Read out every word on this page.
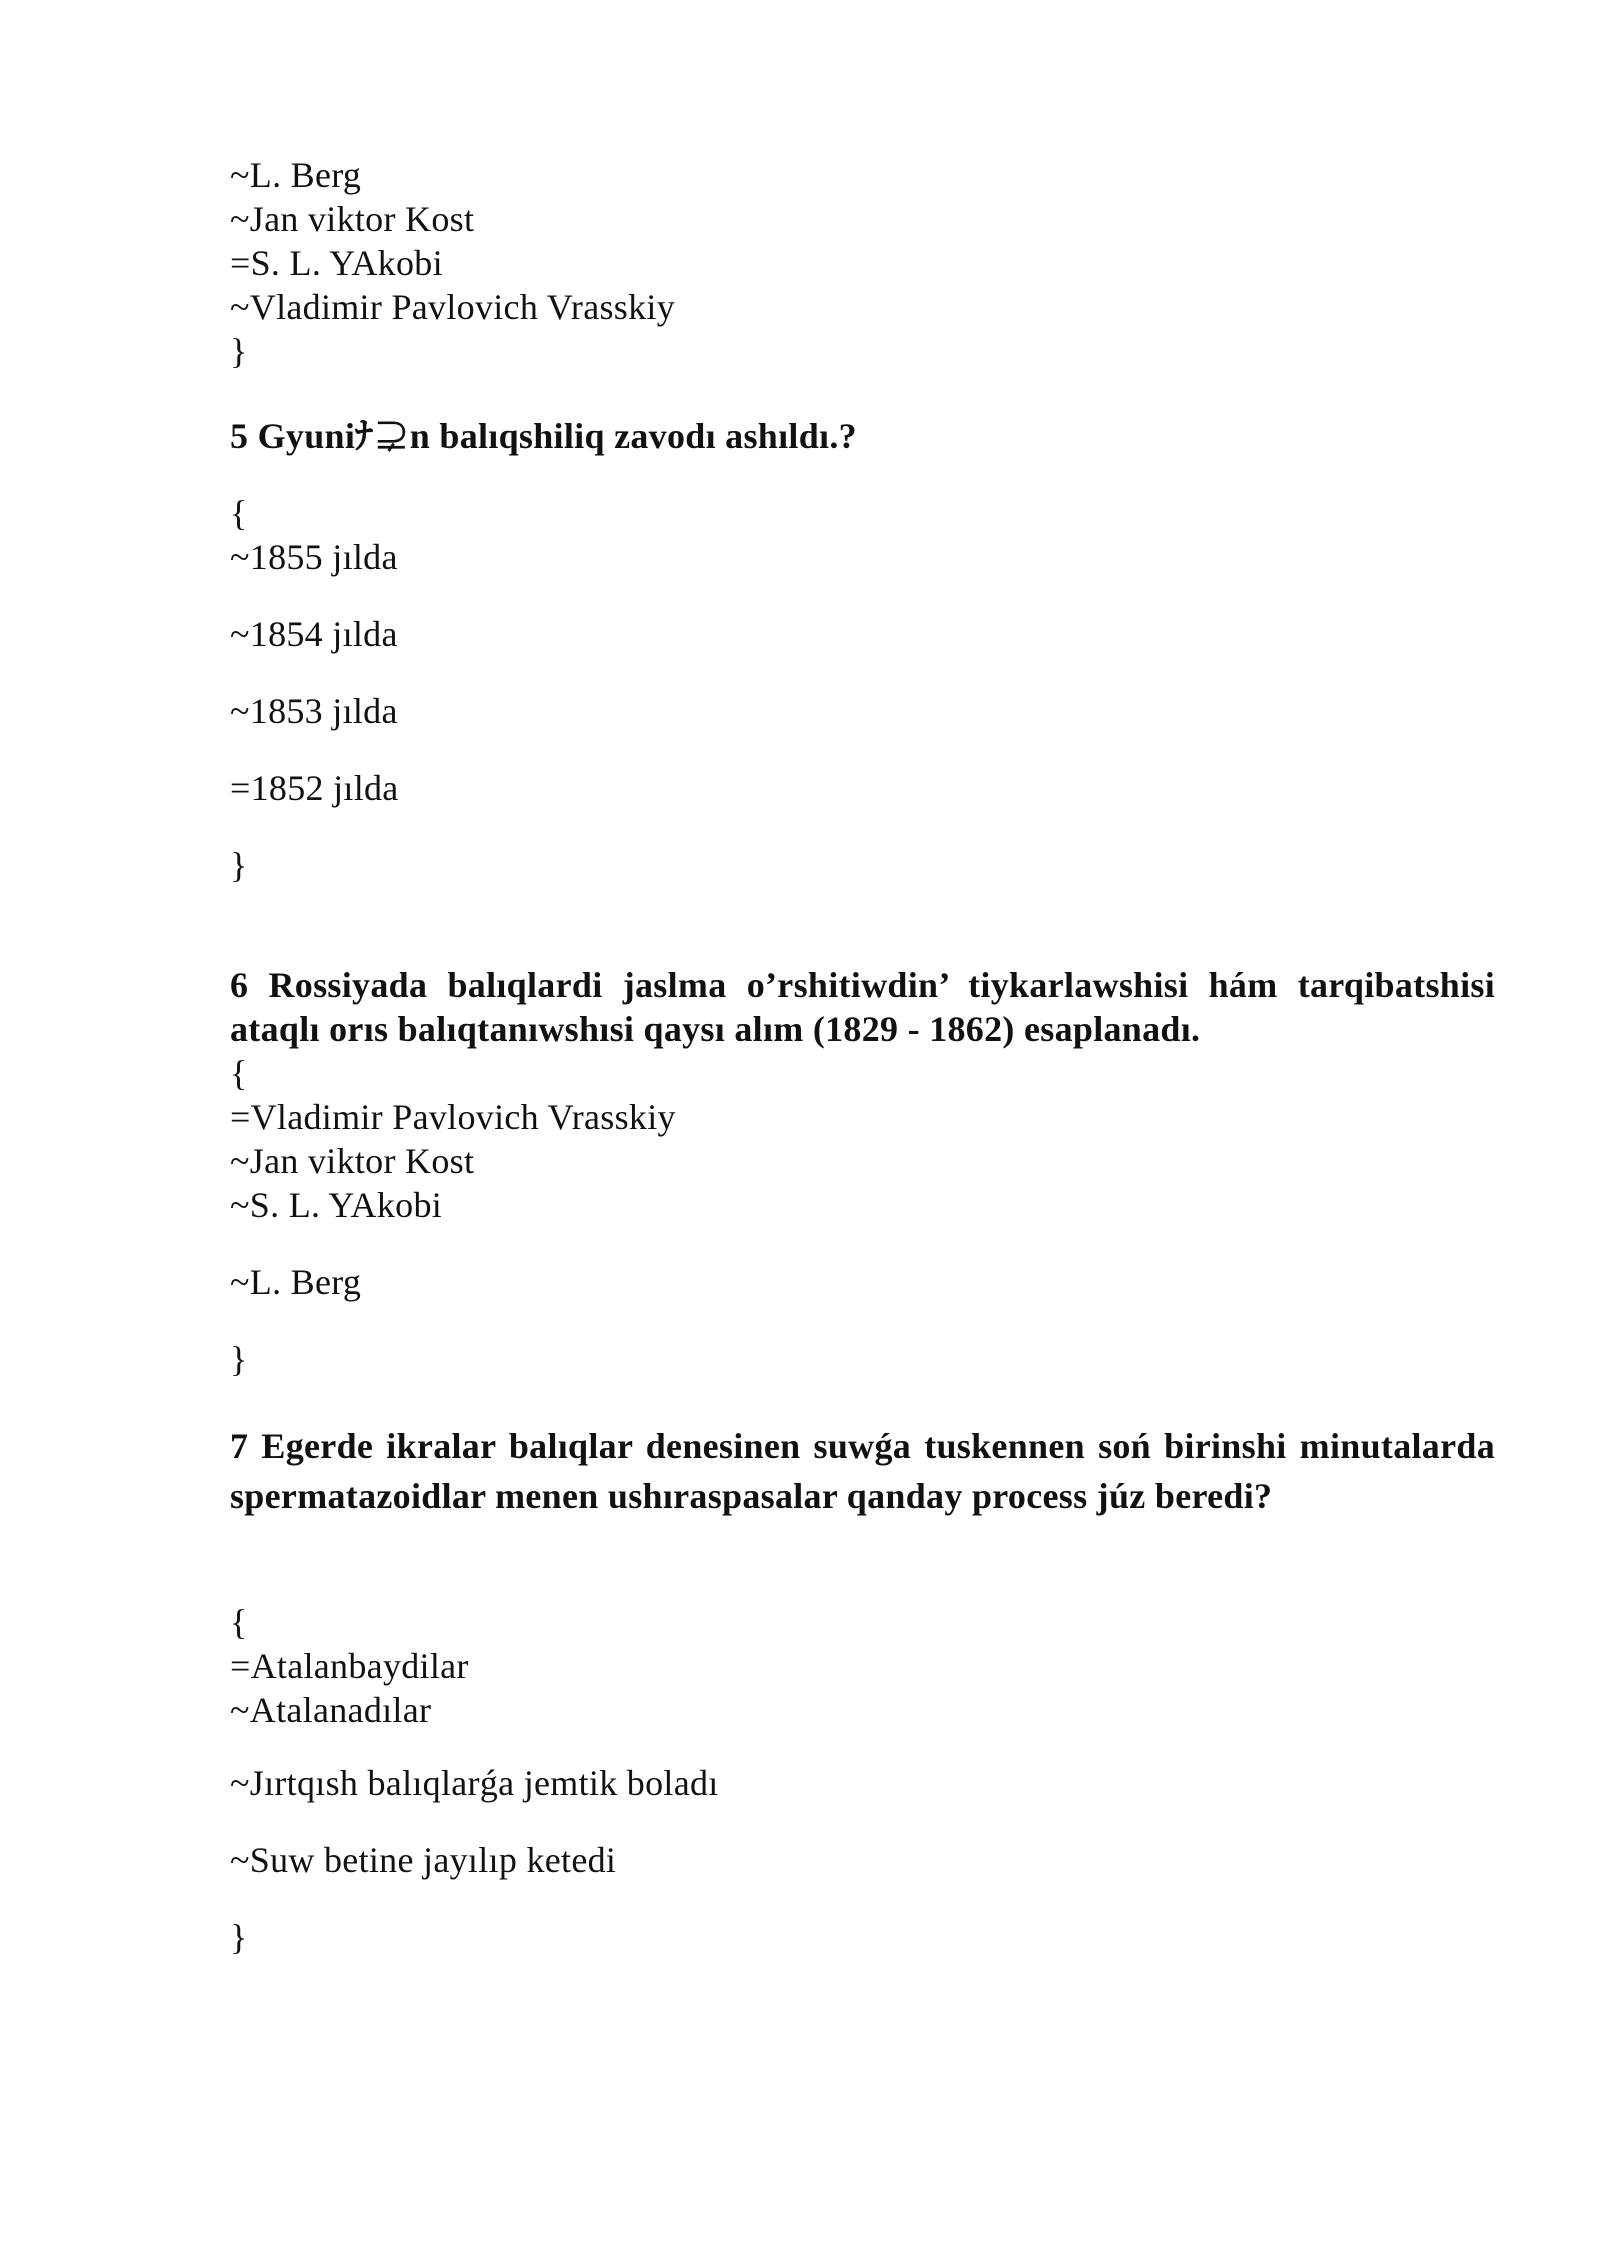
~L. Berg
~Jan viktor Kost
=S. L. YAkobi
~Vladimir Pavlovich Vrasskiy
}
5 Gyuniﾅ⊋n balıqshiliq zavodı ashıldı.?
{
~1855 jılda
~1854 jılda
~1853 jılda
=1852 jılda
}
6 Rossiyada balıqlardi jaslma o’rshitiwdin’ tiykarlawshisi hám tarqibatshisi ataqlı orıs balıqtanıwshısi qaysı alım (1829 - 1862) esaplanadı.
{
=Vladimir Pavlovich Vrasskiy
~Jan viktor Kost
~S. L. YAkobi
~L. Berg
}
7 Egerde ikralar balıqlar denesinen suwǵa tuskennen soń birinshi minutalarda spermatazoidlar menen ushıraspasalar qanday process júz beredi?
{
=Atalanbaydilar
~Atalanadılar
~Jırtqısh balıqlarǵa jemtik boladı
~Suw betine jayılıp ketedi
}
